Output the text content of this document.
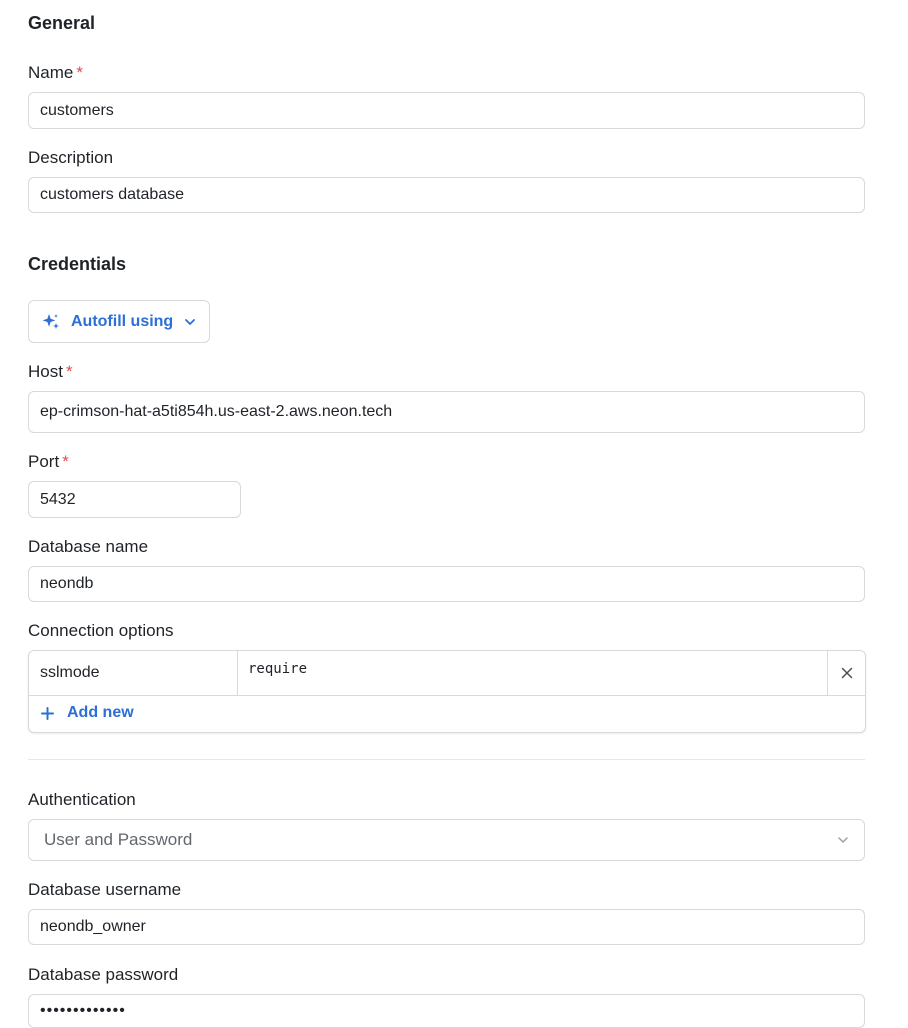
General
Name *
customers
Description
customers database
Credentials
Autofill using
Host *
ep-crimson-hat-a5ti854h.us-east-2.aws.neon.tech
Port *
5432
Database name
neondb
Connection options
sslmode	require
Add new
Authentication
User and Password
Database username
neondb_owner
Database password
•••••••••••••
